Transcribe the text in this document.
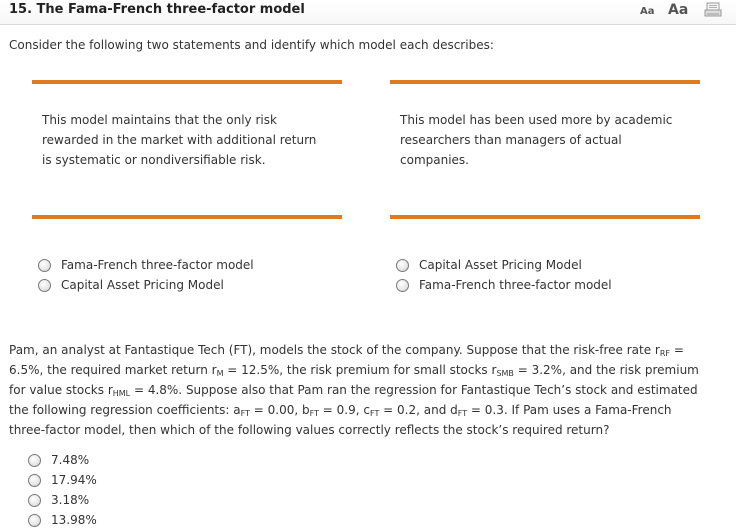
15. The Fama-French three-factor model	Aa Aa
Consider the following two statements and identify which model each describes:
This model maintains that the only risk
rewarded in the market with additional return
is systematic or nondiversifiable risk.
Fama-French three-factor model
Capital Asset Pricing Model
This model has been used more by academic
researchers than managers of actual
companies.
Capital Asset Pricing Model
Fama-French three-factor model
Pam, an analyst at Fantastique Tech (FT), models the stock of the company. Suppose that the risk-free rate $r_{RF}$ =
6.5%, the required market return $r_M = 12.5\%$, the risk premium for small stocks $r_{SMB} = 3.2\%$, and the risk premium
for value stocks $r_{HML} = 4.8\%$. Suppose also that Pam ran the regression for Fantastique Tech’s stock and estimated
the following regression coefficients: $a_{FT} = 0.00$, $b_{FT} = 0.9$, $c_{FT} = 0.2$, and $d_{FT} = 0.3$. If Pam uses a Fama-French
three-factor model, then which of the following values correctly reflects the stock’s required return?
7.48%
17.94%
3.18%
13.98%
